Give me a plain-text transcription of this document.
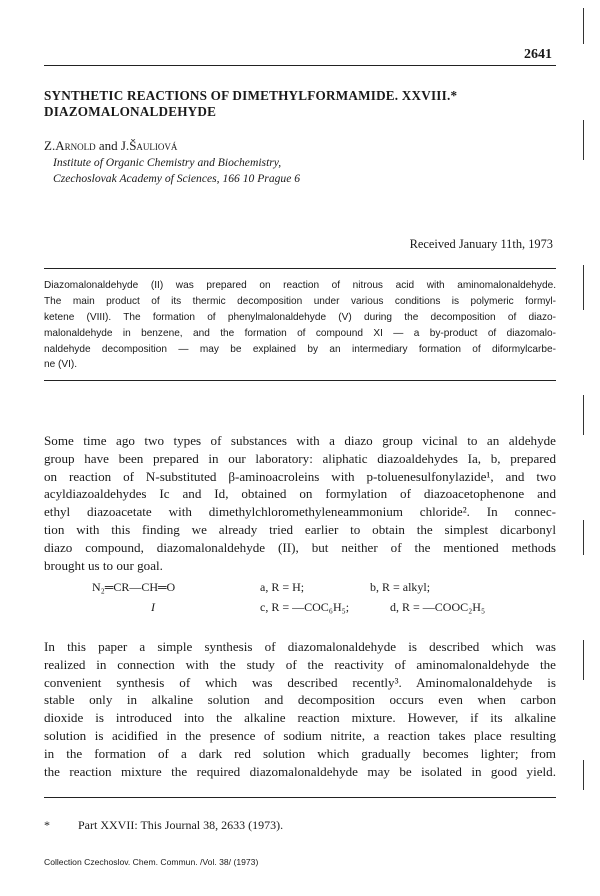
2641
SYNTHETIC REACTIONS OF DIMETHYLFORMAMIDE. XXVIII.*
DIAZOMALONALDEHYDE
Z.Arnold and J.Šauliová
Institute of Organic Chemistry and Biochemistry,
Czechoslovak Academy of Sciences, 166 10 Prague 6
Received January 11th, 1973
Diazomalonaldehyde (II) was prepared on reaction of nitrous acid with aminomalonaldehyde.
The main product of its thermic decomposition under various conditions is polymeric formyl-
ketene (VIII). The formation of phenylmalonaldehyde (V) during the decomposition of diazo-
malonaldehyde in benzene, and the formation of compound XI — a by-product of diazomalo-
naldehyde decomposition — may be explained by an intermediary formation of diformylcarbe-
ne (VI).
Some time ago two types of substances with a diazo group vicinal to an aldehyde
group have been prepared in our laboratory: aliphatic diazoaldehydes Ia, b, prepared
on reaction of N-substituted β-aminoacroleins with p-toluenesulfonylazide¹, and two
acyldiazoaldehydes Ic and Id, obtained on formylation of diazoacetophenone and
ethyl diazoacetate with dimethylchloromethyleneammonium chloride². In connec-
tion with this finding we already tried earlier to obtain the simplest dicarbonyl
diazo compound, diazomalonaldehyde (II), but neither of the mentioned methods
brought us to our goal.
N₂═CR—CH═O
I
a, R = H;	b, R = alkyl;
c, R = —COC₆H₅;	d, R = —COOC₂H₅
In this paper a simple synthesis of diazomalonaldehyde is described which was
realized in connection with the study of the reactivity of aminomalonaldehyde the
convenient synthesis of which was described recently³. Aminomalonaldehyde is
stable only in alkaline solution and decomposition occurs even when carbon
dioxide is introduced into the alkaline reaction mixture. However, if its alkaline
solution is acidified in the presence of sodium nitrite, a reaction takes place resulting
in the formation of a dark red solution which gradually becomes lighter; from
the reaction mixture the required diazomalonaldehyde may be isolated in good yield.
* Part XXVII: This Journal 38, 2633 (1973).
Collection Czechoslov. Chem. Commun. /Vol. 38/ (1973)
